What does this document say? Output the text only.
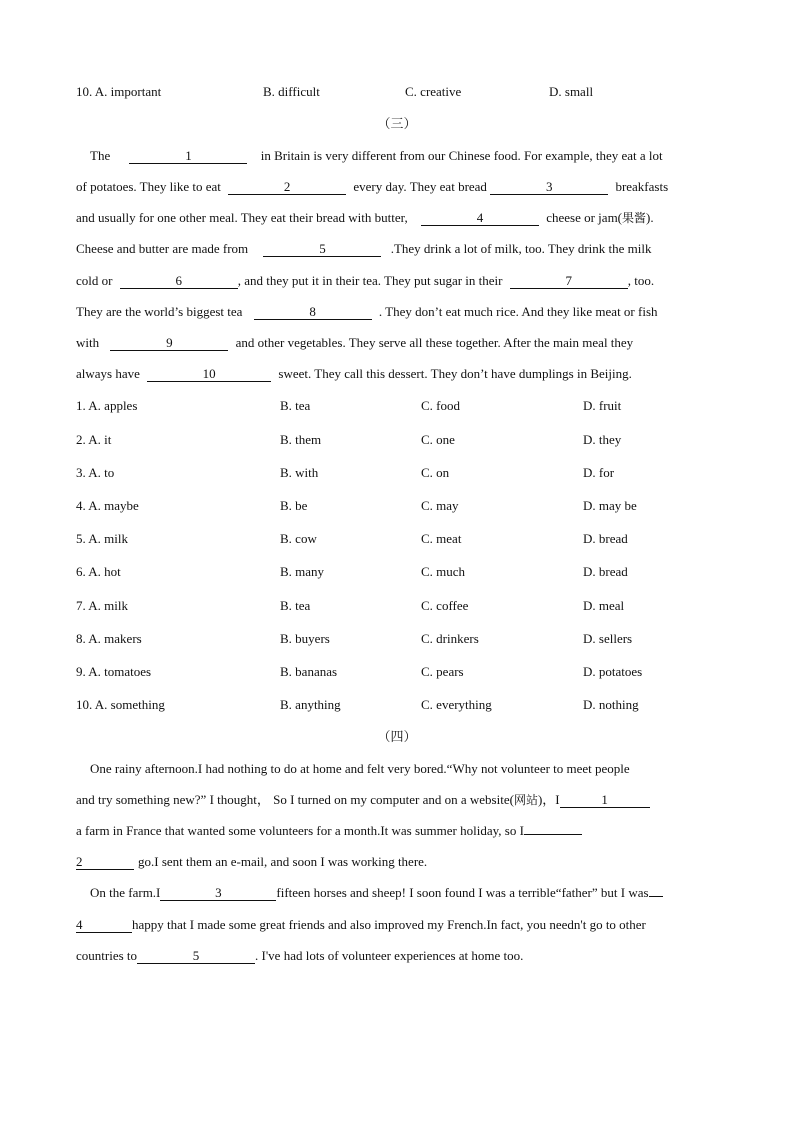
10. A. important	B. difficult	C. creative	D. small
（三）
The	1	in Britain is very different from our Chinese food. For example, they eat a lot
of potatoes. They like to eat	2	every day. They eat bread	3	breakfasts
and usually for one other meal. They eat their bread with butter,	4	cheese or jam(果酱).
Cheese and butter are made from	5	.They drink a lot of milk, too. They drink the milk
cold or	6	, and they put it in their tea. They put sugar in their	7	, too.
They are the world’s biggest tea	8	. They don’t eat much rice. And they like meat or fish
with	9	and other vegetables. They serve all these together. After the main meal they
always have	10	sweet. They call this dessert. They don’t have dumplings in Beijing.
1. A. apples	B. tea	C. food	D. fruit
2. A. it	B. them	C. one	D. they
3. A. to	B. with	C. on	D. for
4. A. maybe	B. be	C. may	D. may be
5. A. milk	B. cow	C. meat	D. bread
6. A. hot	B. many	C. much	D. bread
7. A. milk	B. tea	C. coffee	D. meal
8. A. makers	B. buyers	C. drinkers	D. sellers
9. A. tomatoes	B. bananas	C. pears	D. potatoes
10. A. something	B. anything	C. everything	D. nothing
（四）
One rainy afternoon.I had nothing to do at home and felt very bored.“Why not volunteer to meet people
and try something new?” I thought， So I turned on my computer and on a website(网站)，I	1
a farm in France that wanted some volunteers for a month.It was summer holiday, so I
2	go.I sent them an e-mail, and soon I was working there.
On the farm.I	3	fifteen horses and sheep! I soon found I was a terrible“father” but I was
4	happy that I made some great friends and also improved my French.In fact, you needn't go to other
countries to	5	. I've had lots of volunteer experiences at home too.
